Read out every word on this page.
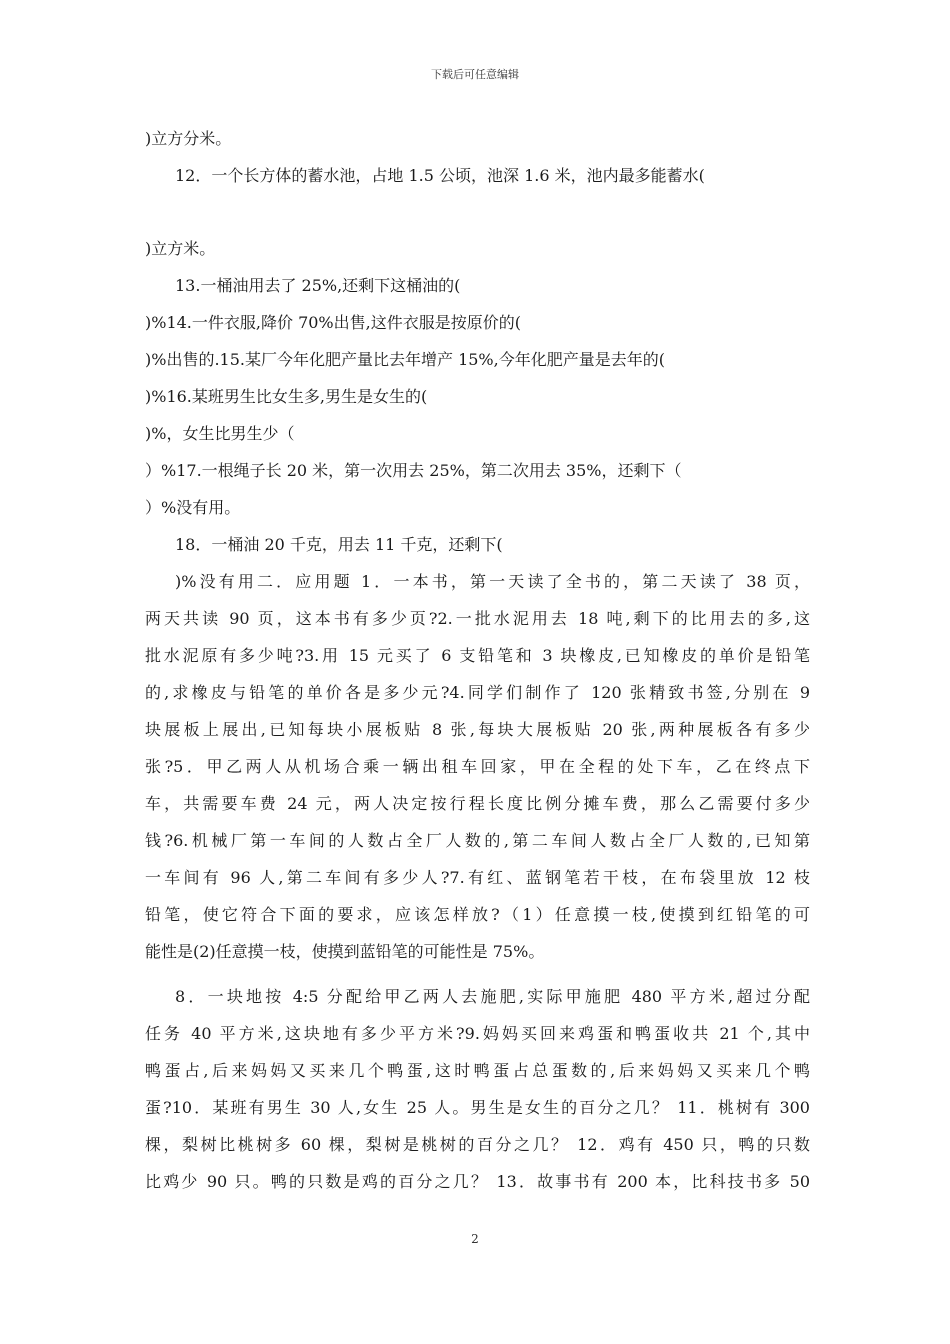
下载后可任意编辑
)立方分米。
12．一个长方体的蓄水池，占地 1.5 公顷，池深 1.6 米，池内最多能蓄水(
)立方米。
13.一桶油用去了 25%,还剩下这桶油的(
)%14.一件衣服,降价 70%出售,这件衣服是按原价的(
)%出售的.15.某厂今年化肥产量比去年增产 15%,今年化肥产量是去年的(
)%16.某班男生比女生多,男生是女生的(
)%，女生比男生少（
）%17.一根绳子长 20 米，第一次用去 25%，第二次用去 35%，还剩下（
）%没有用。
18．一桶油 20 千克，用去 11 千克，还剩下(
)%没有用二．应用题 1．一本书，第一天读了全书的，第二天读了 38 页，
两天共读 90 页，这本书有多少页?2.一批水泥用去 18 吨,剩下的比用去的多,这
批水泥原有多少吨?3.用 15 元买了 6 支铅笔和 3 块橡皮,已知橡皮的单价是铅笔
的,求橡皮与铅笔的单价各是多少元?4.同学们制作了 120 张精致书签,分别在 9
块展板上展出,已知每块小展板贴 8 张,每块大展板贴 20 张,两种展板各有多少
张?5．甲乙两人从机场合乘一辆出租车回家，甲在全程的处下车，乙在终点下
车，共需要车费 24 元，两人决定按行程长度比例分摊车费，那么乙需要付多少
钱?6.机械厂第一车间的人数占全厂人数的,第二车间人数占全厂人数的,已知第
一车间有 96 人,第二车间有多少人?7.有红、蓝钢笔若干枝，在布袋里放 12 枝
铅笔，使它符合下面的要求，应该怎样放?（1）任意摸一枝,使摸到红铅笔的可
能性是(2)任意摸一枝，使摸到蓝铅笔的可能性是 75%。
8．一块地按 4:5 分配给甲乙两人去施肥,实际甲施肥 480 平方米,超过分配
任务 40 平方米,这块地有多少平方米?9.妈妈买回来鸡蛋和鸭蛋收共 21 个,其中
鸭蛋占,后来妈妈又买来几个鸭蛋,这时鸭蛋占总蛋数的,后来妈妈又买来几个鸭
蛋?10．某班有男生 30 人,女生 25 人。男生是女生的百分之几？ 11．桃树有 300
棵，梨树比桃树多 60 棵，梨树是桃树的百分之几？ 12．鸡有 450 只，鸭的只数
比鸡少 90 只。鸭的只数是鸡的百分之几？ 13．故事书有 200 本，比科技书多 50
2
